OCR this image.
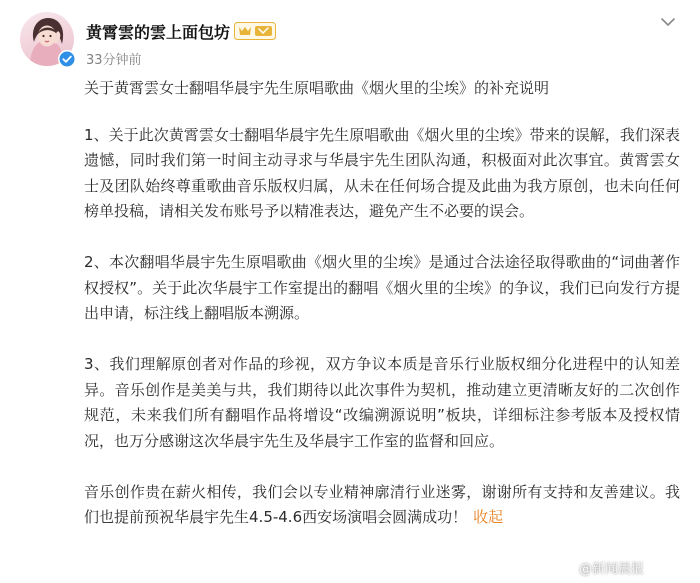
黄霄雲的雲上面包坊
33分钟前

关于黄霄雲女士翻唱华晨宇先生原唱歌曲《烟火里的尘埃》的补充说明

1、关于此次黄霄雲女士翻唱华晨宇先生原唱歌曲《烟火里的尘埃》带来的误解，我们深表遗憾，同时我们第一时间主动寻求与华晨宇先生团队沟通，积极面对此次事宜。黄霄雲女士及团队始终尊重歌曲音乐版权归属，从未在任何场合提及此曲为我方原创，也未向任何榜单投稿，请相关发布账号予以精准表达，避免产生不必要的误会。

2、本次翻唱华晨宇先生原唱歌曲《烟火里的尘埃》是通过合法途径取得歌曲的“词曲著作权授权”。关于此次华晨宇工作室提出的翻唱《烟火里的尘埃》的争议，我们已向发行方提出申请，标注线上翻唱版本溯源。

3、我们理解原创者对作品的珍视，双方争议本质是音乐行业版权细分化进程中的认知差异。音乐创作是美美与共，我们期待以此次事件为契机，推动建立更清晰友好的二次创作规范，未来我们所有翻唱作品将增设“改编溯源说明”板块，详细标注参考版本及授权情况，也万分感谢这次华晨宇先生及华晨宇工作室的监督和回应。

音乐创作贵在薪火相传，我们会以专业精神廓清行业迷雾，谢谢所有支持和友善建议。我们也提前预祝华晨宇先生4.5-4.6西安场演唱会圆满成功！ 收起

@新闻晨报
